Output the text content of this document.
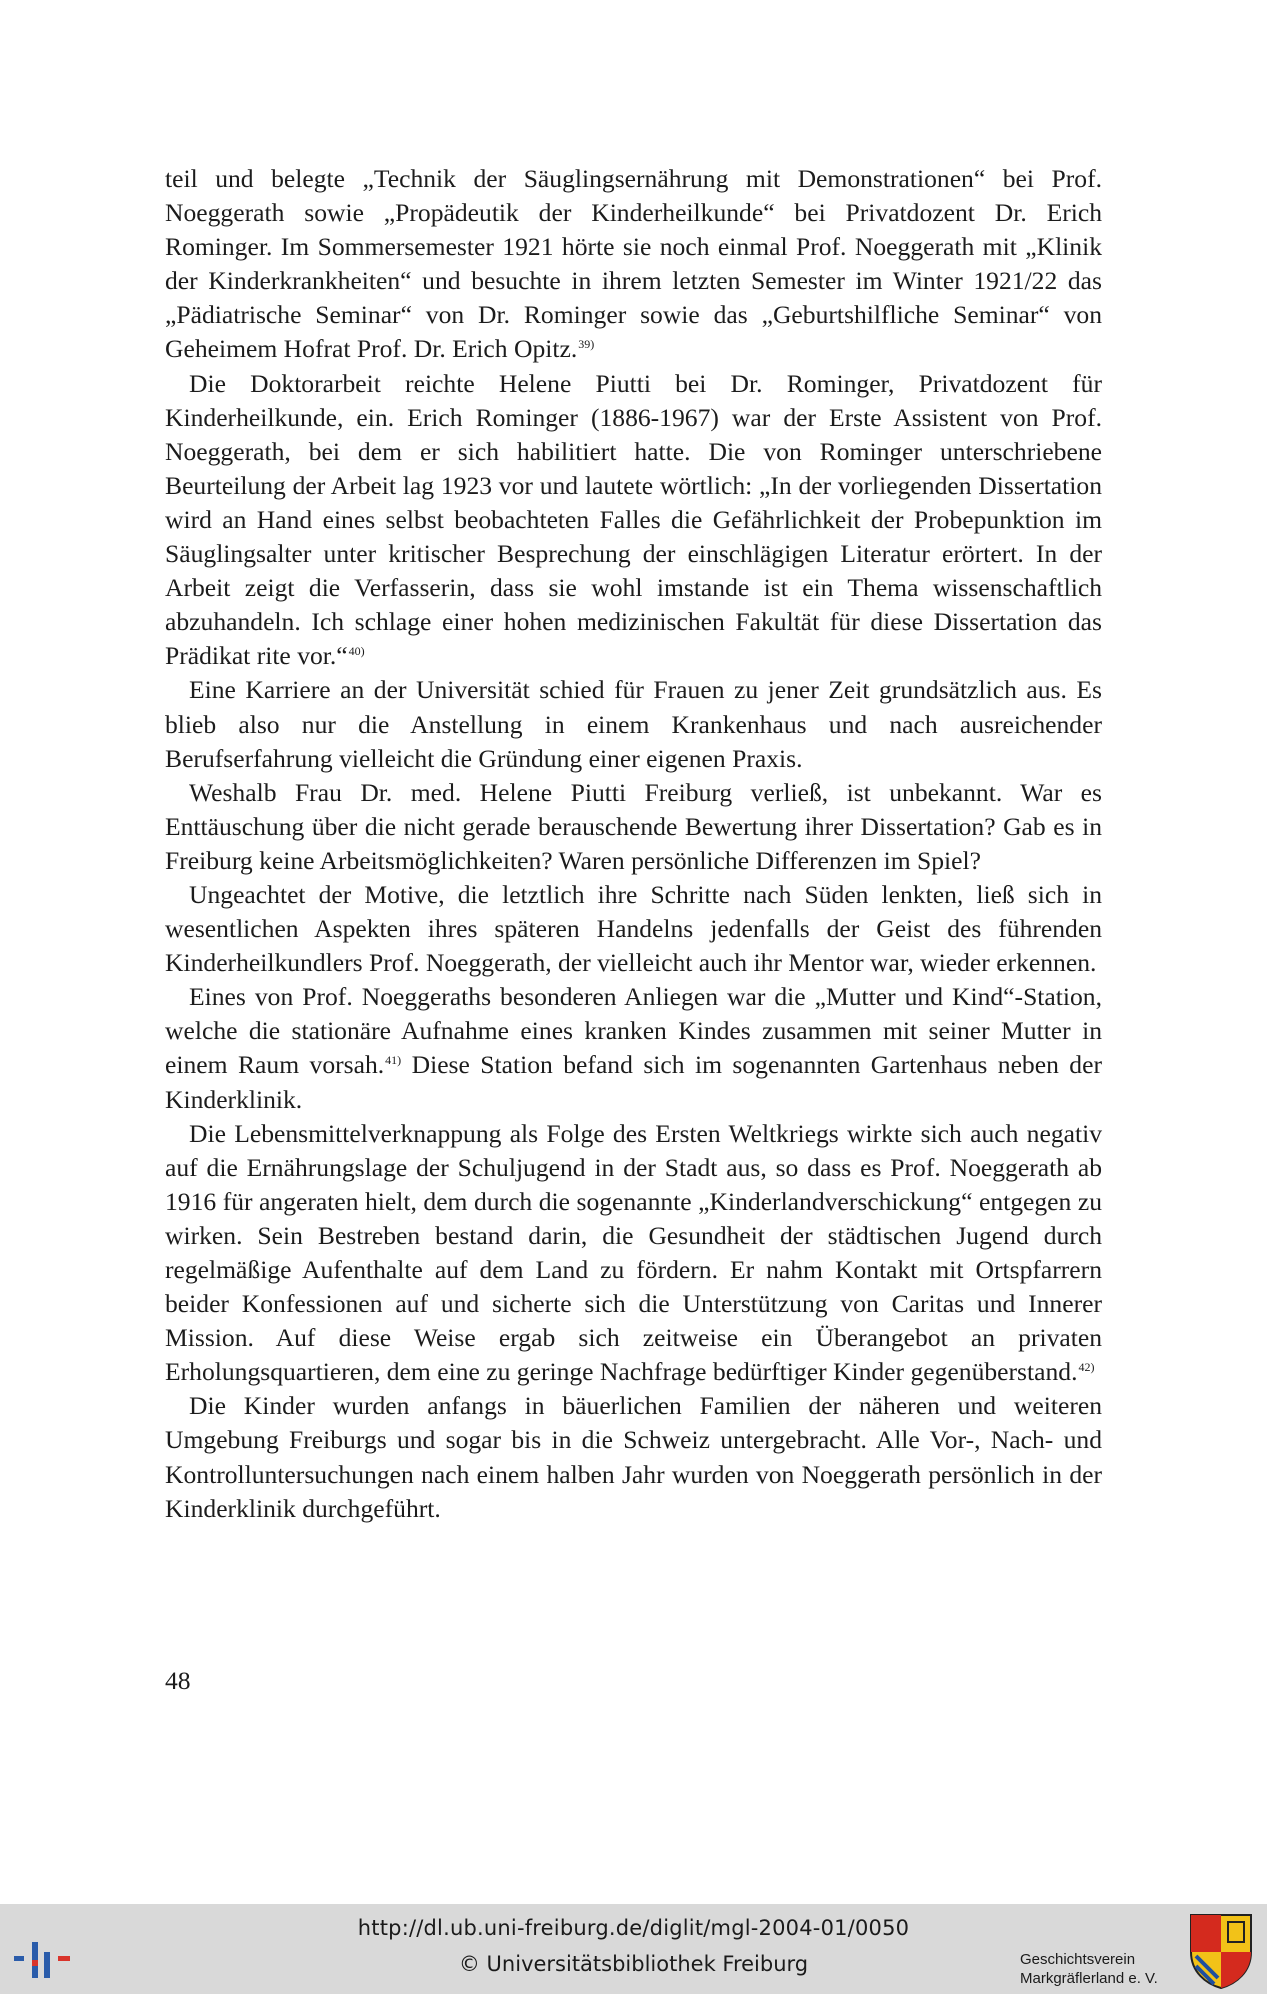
teil und belegte „Technik der Säuglingsernährung mit Demonstrationen“ bei Prof. Noeggerath sowie „Propädeutik der Kinderheilkunde“ bei Privatdozent Dr. Erich Rominger. Im Sommersemester 1921 hörte sie noch einmal Prof. Noeggerath mit „Klinik der Kinderkrankheiten“ und besuchte in ihrem letzten Semester im Winter 1921/22 das „Pädiatrische Seminar“ von Dr. Rominger sowie das „Geburtshilfliche Seminar“ von Geheimem Hofrat Prof. Dr. Erich Opitz.$^{39)}$

Die Doktorarbeit reichte Helene Piutti bei Dr. Rominger, Privatdozent für Kinderheilkunde, ein. Erich Rominger (1886-1967) war der Erste Assistent von Prof. Noeggerath, bei dem er sich habilitiert hatte. Die von Rominger unterschriebene Beurteilung der Arbeit lag 1923 vor und lautete wörtlich: „In der vorliegenden Dissertation wird an Hand eines selbst beobachteten Falles die Gefährlichkeit der Probepunktion im Säuglingsalter unter kritischer Besprechung der einschlägigen Literatur erörtert. In der Arbeit zeigt die Verfasserin, dass sie wohl imstande ist ein Thema wissenschaftlich abzuhandeln. Ich schlage einer hohen medizinischen Fakultät für diese Dissertation das Prädikat rite vor.“$^{40)}$

Eine Karriere an der Universität schied für Frauen zu jener Zeit grundsätzlich aus. Es blieb also nur die Anstellung in einem Krankenhaus und nach ausreichender Berufserfahrung vielleicht die Gründung einer eigenen Praxis.

Weshalb Frau Dr. med. Helene Piutti Freiburg verließ, ist unbekannt. War es Enttäuschung über die nicht gerade berauschende Bewertung ihrer Dissertation? Gab es in Freiburg keine Arbeitsmöglichkeiten? Waren persönliche Differenzen im Spiel?

Ungeachtet der Motive, die letztlich ihre Schritte nach Süden lenkten, ließ sich in wesentlichen Aspekten ihres späteren Handelns jedenfalls der Geist des führenden Kinderheilkundlers Prof. Noeggerath, der vielleicht auch ihr Mentor war, wieder erkennen.

Eines von Prof. Noeggeraths besonderen Anliegen war die „Mutter und Kind“-Station, welche die stationäre Aufnahme eines kranken Kindes zusammen mit seiner Mutter in einem Raum vorsah.$^{41)}$ Diese Station befand sich im sogenannten Gartenhaus neben der Kinderklinik.

Die Lebensmittelverknappung als Folge des Ersten Weltkriegs wirkte sich auch negativ auf die Ernährungslage der Schuljugend in der Stadt aus, so dass es Prof. Noeggerath ab 1916 für angeraten hielt, dem durch die sogenannte „Kinderlandverschickung“ entgegen zu wirken. Sein Bestreben bestand darin, die Gesundheit der städtischen Jugend durch regelmäßige Aufenthalte auf dem Land zu fördern. Er nahm Kontakt mit Ortspfarrern beider Konfessionen auf und sicherte sich die Unterstützung von Caritas und Innerer Mission. Auf diese Weise ergab sich zeitweise ein Überangebot an privaten Erholungsquartieren, dem eine zu geringe Nachfrage bedürftiger Kinder gegenüberstand.$^{42)}$

Die Kinder wurden anfangs in bäuerlichen Familien der näheren und weiteren Umgebung Freiburgs und sogar bis in die Schweiz untergebracht. Alle Vor-, Nach- und Kontrolluntersuchungen nach einem halben Jahr wurden von Noeggerath persönlich in der Kinderklinik durchgeführt.

48
http://dl.ub.uni-freiburg.de/diglit/mgl-2004-01/0050
© Universitätsbibliothek Freiburg	Geschichtsverein
Markgräflerland e. V.
